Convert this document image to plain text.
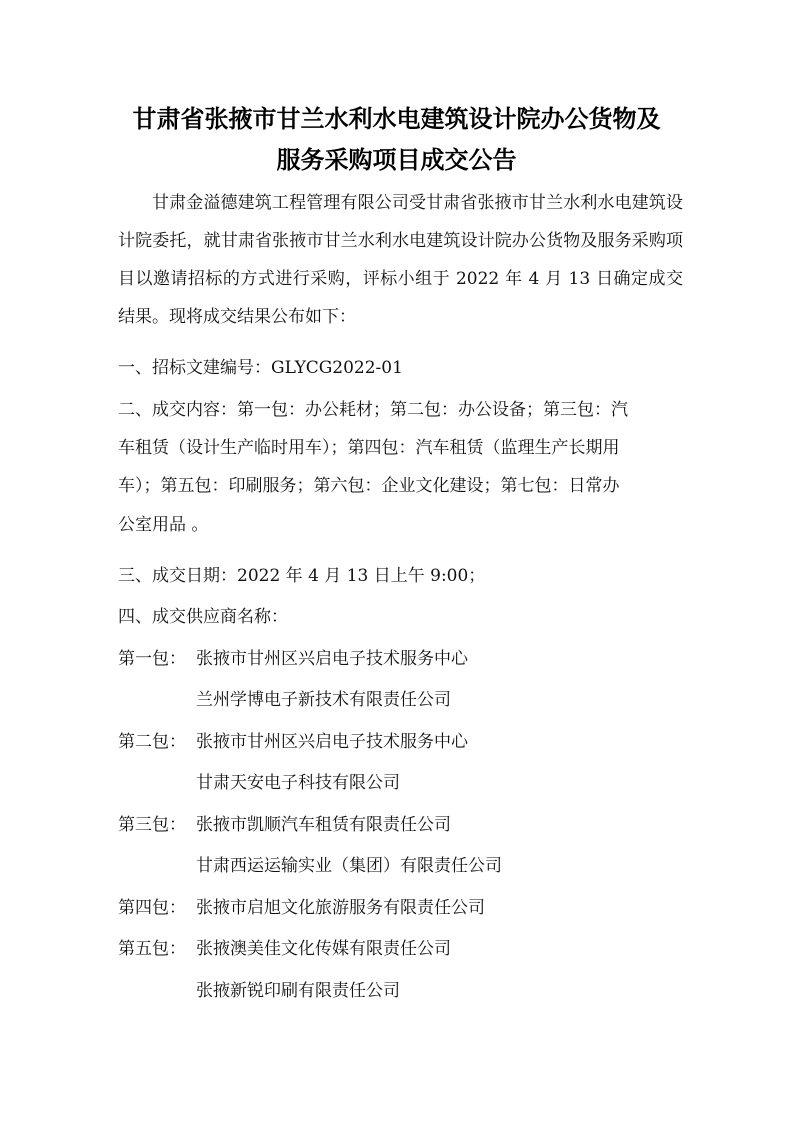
甘肃省张掖市甘兰水利水电建筑设计院办公货物及
服务采购项目成交公告
甘肃金溢德建筑工程管理有限公司受甘肃省张掖市甘兰水利水电建筑设计院委托，就甘肃省张掖市甘兰水利水电建筑设计院办公货物及服务采购项目以邀请招标的方式进行采购，评标小组于 2022 年 4 月 13 日确定成交结果。现将成交结果公布如下：
一、招标文建编号：GLYCG2022-01
二、成交内容：第一包：办公耗材；第二包：办公设备；第三包：汽
车租赁（设计生产临时用车）；第四包：汽车租赁（监理生产长期用
车）；第五包：印刷服务；第六包：企业文化建设；第七包：日常办
公室用品 。
三、成交日期：2022 年 4 月 13 日上午 9:00；
四、成交供应商名称：
第一包： 张掖市甘州区兴启电子技术服务中心
兰州学博电子新技术有限责任公司
第二包： 张掖市甘州区兴启电子技术服务中心
甘肃天安电子科技有限公司
第三包： 张掖市凯顺汽车租赁有限责任公司
甘肃西运运输实业（集团）有限责任公司
第四包： 张掖市启旭文化旅游服务有限责任公司
第五包： 张掖澳美佳文化传媒有限责任公司
张掖新锐印刷有限责任公司
